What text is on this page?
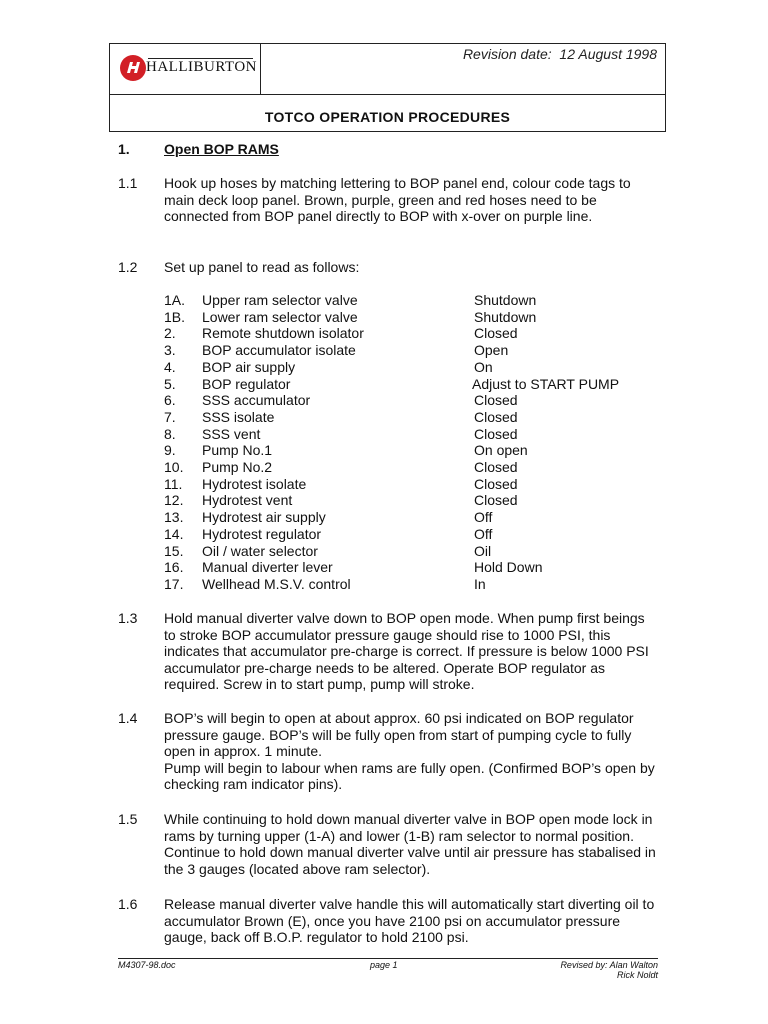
HALLIBURTON
Revision date:  12 August 1998
TOTCO OPERATION PROCEDURES
1. Open BOP RAMS
1.1 Hook up hoses by matching lettering to BOP panel end, colour code tags to main deck loop panel. Brown, purple, green and red hoses need to be connected from BOP panel directly to BOP with x-over on purple line.
1.2 Set up panel to read as follows:
1A. Upper ram selector valve	Shutdown
1B. Lower ram selector valve	Shutdown
2. Remote shutdown isolator	Closed
3. BOP accumulator isolate	Open
4. BOP air supply	On
5. BOP regulator	Adjust to START PUMP
6. SSS accumulator	Closed
7. SSS isolate	Closed
8. SSS vent	Closed
9. Pump No.1	On open
10. Pump No.2	Closed
11. Hydrotest isolate	Closed
12. Hydrotest vent	Closed
13. Hydrotest air supply	Off
14. Hydrotest regulator	Off
15. Oil / water selector	Oil
16. Manual diverter lever	Hold Down
17. Wellhead M.S.V. control	In
1.3 Hold manual diverter valve down to BOP open mode. When pump first beings to stroke BOP accumulator pressure gauge should rise to 1000 PSI, this indicates that accumulator pre-charge is correct. If pressure is below 1000 PSI accumulator pre-charge needs to be altered. Operate BOP regulator as required. Screw in to start pump, pump will stroke.
1.4 BOP’s will begin to open at about approx. 60 psi indicated on BOP regulator pressure gauge. BOP’s will be fully open from start of pumping cycle to fully open in approx. 1 minute.
Pump will begin to labour when rams are fully open. (Confirmed BOP’s open by checking ram indicator pins).
1.5 While continuing to hold down manual diverter valve in BOP open mode lock in rams by turning upper (1-A) and lower (1-B) ram selector to normal position. Continue to hold down manual diverter valve until air pressure has stabalised in the 3 gauges (located above ram selector).
1.6 Release manual diverter valve handle this will automatically start diverting oil to accumulator Brown (E), once you have 2100 psi on accumulator pressure gauge, back off B.O.P. regulator to hold 2100 psi.
M4307-98.doc	page 1	Revised by: Alan Walton
Rick Noldt
